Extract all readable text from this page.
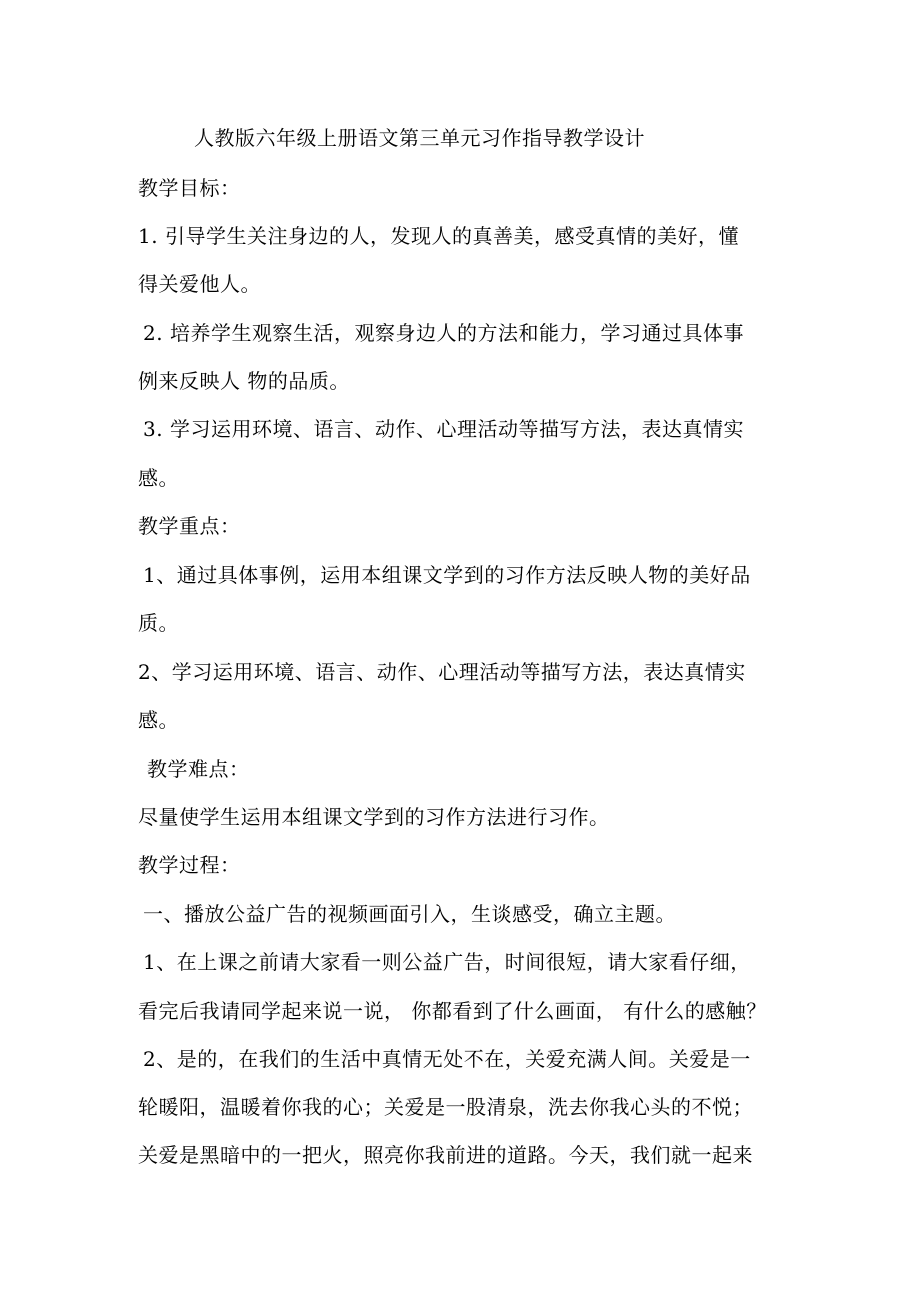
人教版六年级上册语文第三单元习作指导教学设计
教学目标：
1. 引导学生关注身边的人，发现人的真善美，感受真情的美好，懂
得关爱他人。
2. 培养学生观察生活，观察身边人的方法和能力，学习通过具体事
例来反映人 物的品质。
3. 学习运用环境、语言、动作、心理活动等描写方法，表达真情实
感。
教学重点：
1、通过具体事例，运用本组课文学到的习作方法反映人物的美好品
质。
2、学习运用环境、语言、动作、心理活动等描写方法，表达真情实
感。
教学难点：
尽量使学生运用本组课文学到的习作方法进行习作。
教学过程：
一、播放公益广告的视频画面引入，生谈感受，确立主题。
1、在上课之前请大家看一则公益广告，时间很短，请大家看仔细，
看完后我请同学起来说一说， 你都看到了什么画面， 有什么的感触？
2、是的，在我们的生活中真情无处不在，关爱充满人间。关爱是一
轮暖阳，温暖着你我的心；关爱是一股清泉，洗去你我心头的不悦；
关爱是黑暗中的一把火，照亮你我前进的道路。今天，我们就一起来
